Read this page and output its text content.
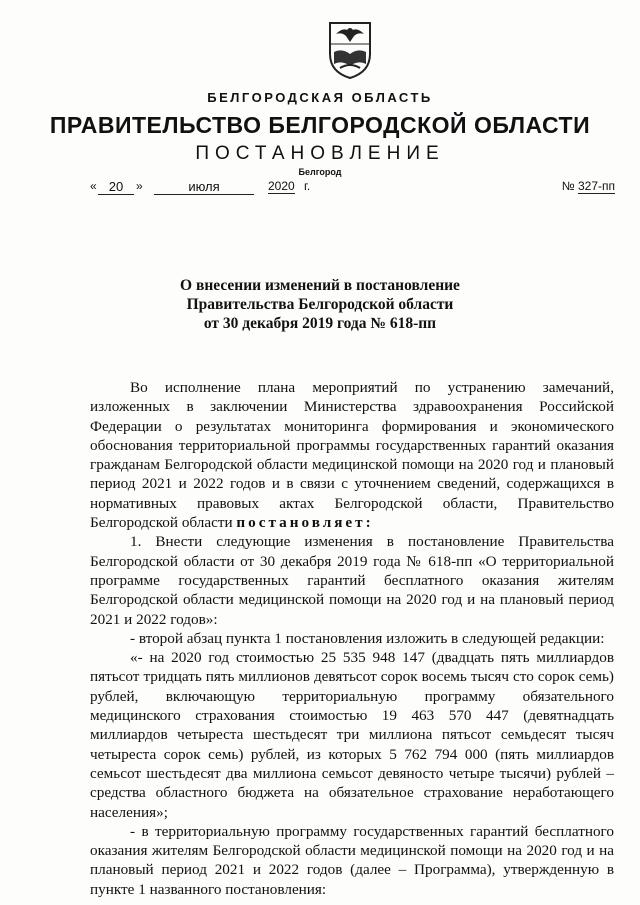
БЕЛГОРОДСКАЯ ОБЛАСТЬ
ПРАВИТЕЛЬСТВО БЕЛГОРОДСКОЙ ОБЛАСТИ
ПОСТАНОВЛЕНИЕ
Белгород
« 20	»	июля	2020 г.	№ 327-пп
О внесении изменений в постановление
Правительства Белгородской области
от 30 декабря 2019 года № 618-пп

Во исполнение плана мероприятий по устранению замечаний, изложенных в заключении Министерства здравоохранения Российской Федерации о результатах мониторинга формирования и экономического обоснования территориальной программы государственных гарантий оказания гражданам Белгородской области медицинской помощи на 2020 год и плановый период 2021 и 2022 годов и в связи с уточнением сведений, содержащихся в нормативных правовых актах Белгородской области, Правительство Белгородской области постановляет:

1. Внести следующие изменения в постановление Правительства Белгородской области от 30 декабря 2019 года № 618-пп «О территориальной программе государственных гарантий бесплатного оказания жителям Белгородской области медицинской помощи на 2020 год и на плановый период 2021 и 2022 годов»:

- второй абзац пункта 1 постановления изложить в следующей редакции:

«- на 2020 год стоимостью 25 535 948 147 (двадцать пять миллиардов пятьсот тридцать пять миллионов девятьсот сорок восемь тысяч сто сорок семь) рублей, включающую территориальную программу обязательного медицинского страхования стоимостью 19 463 570 447 (девятнадцать миллиардов четыреста шестьдесят три миллиона пятьсот семьдесят тысяч четыреста сорок семь) рублей, из которых 5 762 794 000 (пять миллиардов семьсот шестьдесят два миллиона семьсот девяносто четыре тысячи) рублей – средства областного бюджета на обязательное страхование неработающего населения»;

- в территориальную программу государственных гарантий бесплатного оказания жителям Белгородской области медицинской помощи на 2020 год и на плановый период 2021 и 2022 годов (далее – Программа), утвержденную в пункте 1 названного постановления:
